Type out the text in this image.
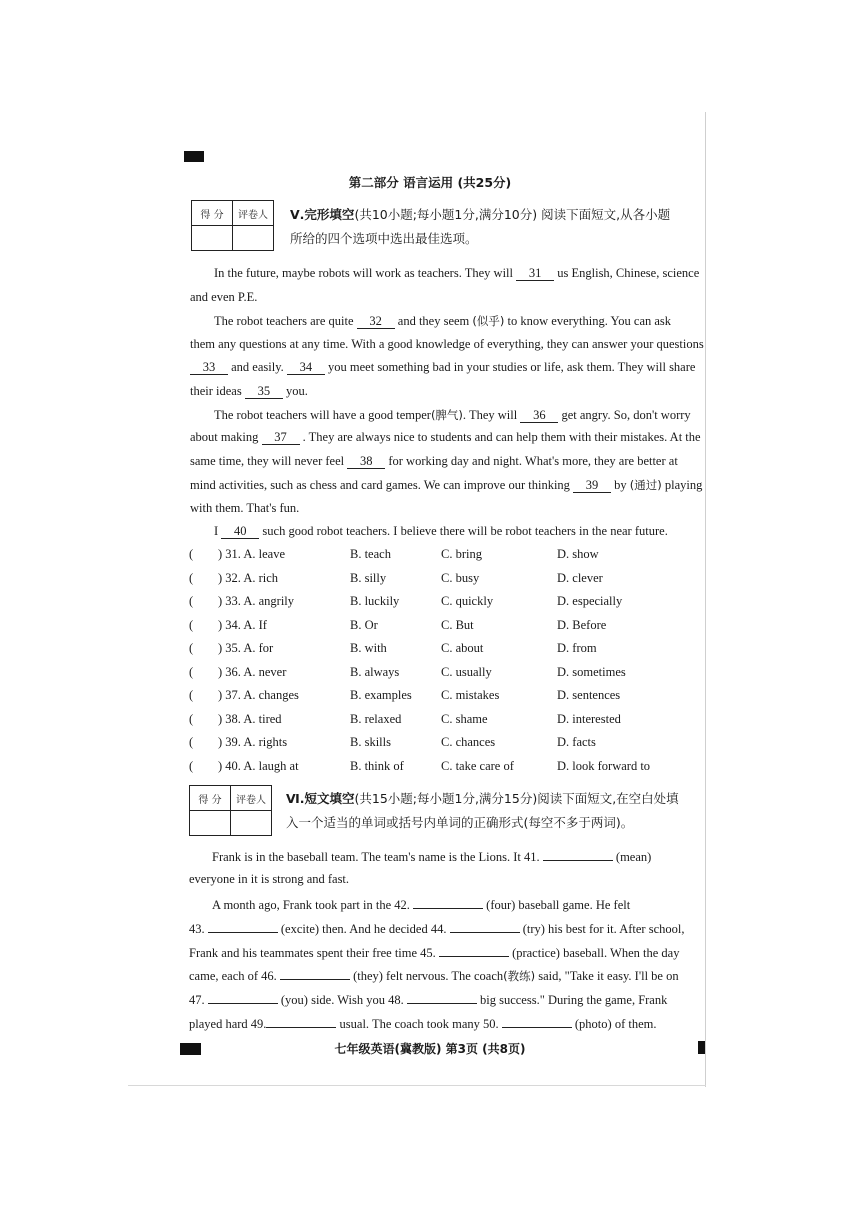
第二部分 语言运用 (共25分)
得 分	评卷人
	Ⅴ.完形填空(共10小题;每小题1分,满分10分) 阅读下面短文,从各小题
所给的四个选项中选出最佳选项。
In the future, maybe robots will work as teachers. They will 31 us English, Chinese, science
and even P.E.
The robot teachers are quite 32 and they seem (似乎) to know everything. You can ask
them any questions at any time. With a good knowledge of everything, they can answer your questions
33 and easily. 34 you meet something bad in your studies or life, ask them. They will share
their ideas 35 you.
The robot teachers will have a good temper(脾气). They will 36 get angry. So, don't worry
about making 37 . They are always nice to students and can help them with their mistakes. At the
same time, they will never feel 38 for working day and night. What's more, they are better at
mind activities, such as chess and card games. We can improve our thinking 39 by (通过) playing
with them. That's fun.
I 40 such good robot teachers. I believe there will be robot teachers in the near future.
( ) 31. A. leave	B. teach	C. bring	D. show
( ) 32. A. rich	B. silly	C. busy	D. clever
( ) 33. A. angrily	B. luckily	C. quickly	D. especially
( ) 34. A. If	B. Or	C. But	D. Before
( ) 35. A. for	B. with	C. about	D. from
( ) 36. A. never	B. always	C. usually	D. sometimes
( ) 37. A. changes	B. examples C. mistakes	D. sentences
( ) 38. A. tired	B. relaxed	C. shame	D. interested
( ) 39. A. rights	B. skills	C. chances	D. facts
( ) 40. A. laugh at	B. think of	C. take care of	D. look forward to
得 分	评卷人
	Ⅵ.短文填空(共15小题;每小题1分,满分15分)阅读下面短文,在空白处填
入一个适当的单词或括号内单词的正确形式(每空不多于两词)。
Frank is in the baseball team. The team's name is the Lions. It 41.	(mean)
everyone in it is strong and fast.
A month ago, Frank took part in the 42.	(four) baseball game. He felt
43.	(excite) then. And he decided 44.	(try) his best for it. After school,
Frank and his teammates spent their free time 45.	(practice) baseball. When the day
came, each of 46.	(they) felt nervous. The coach(教练) said, "Take it easy. I'll be on
47.	(you) side. Wish you 48.	big success." During the game, Frank
played hard 49.	usual. The coach took many 50.	(photo) of them.
七年级英语(冀教版) 第3页 (共8页)
